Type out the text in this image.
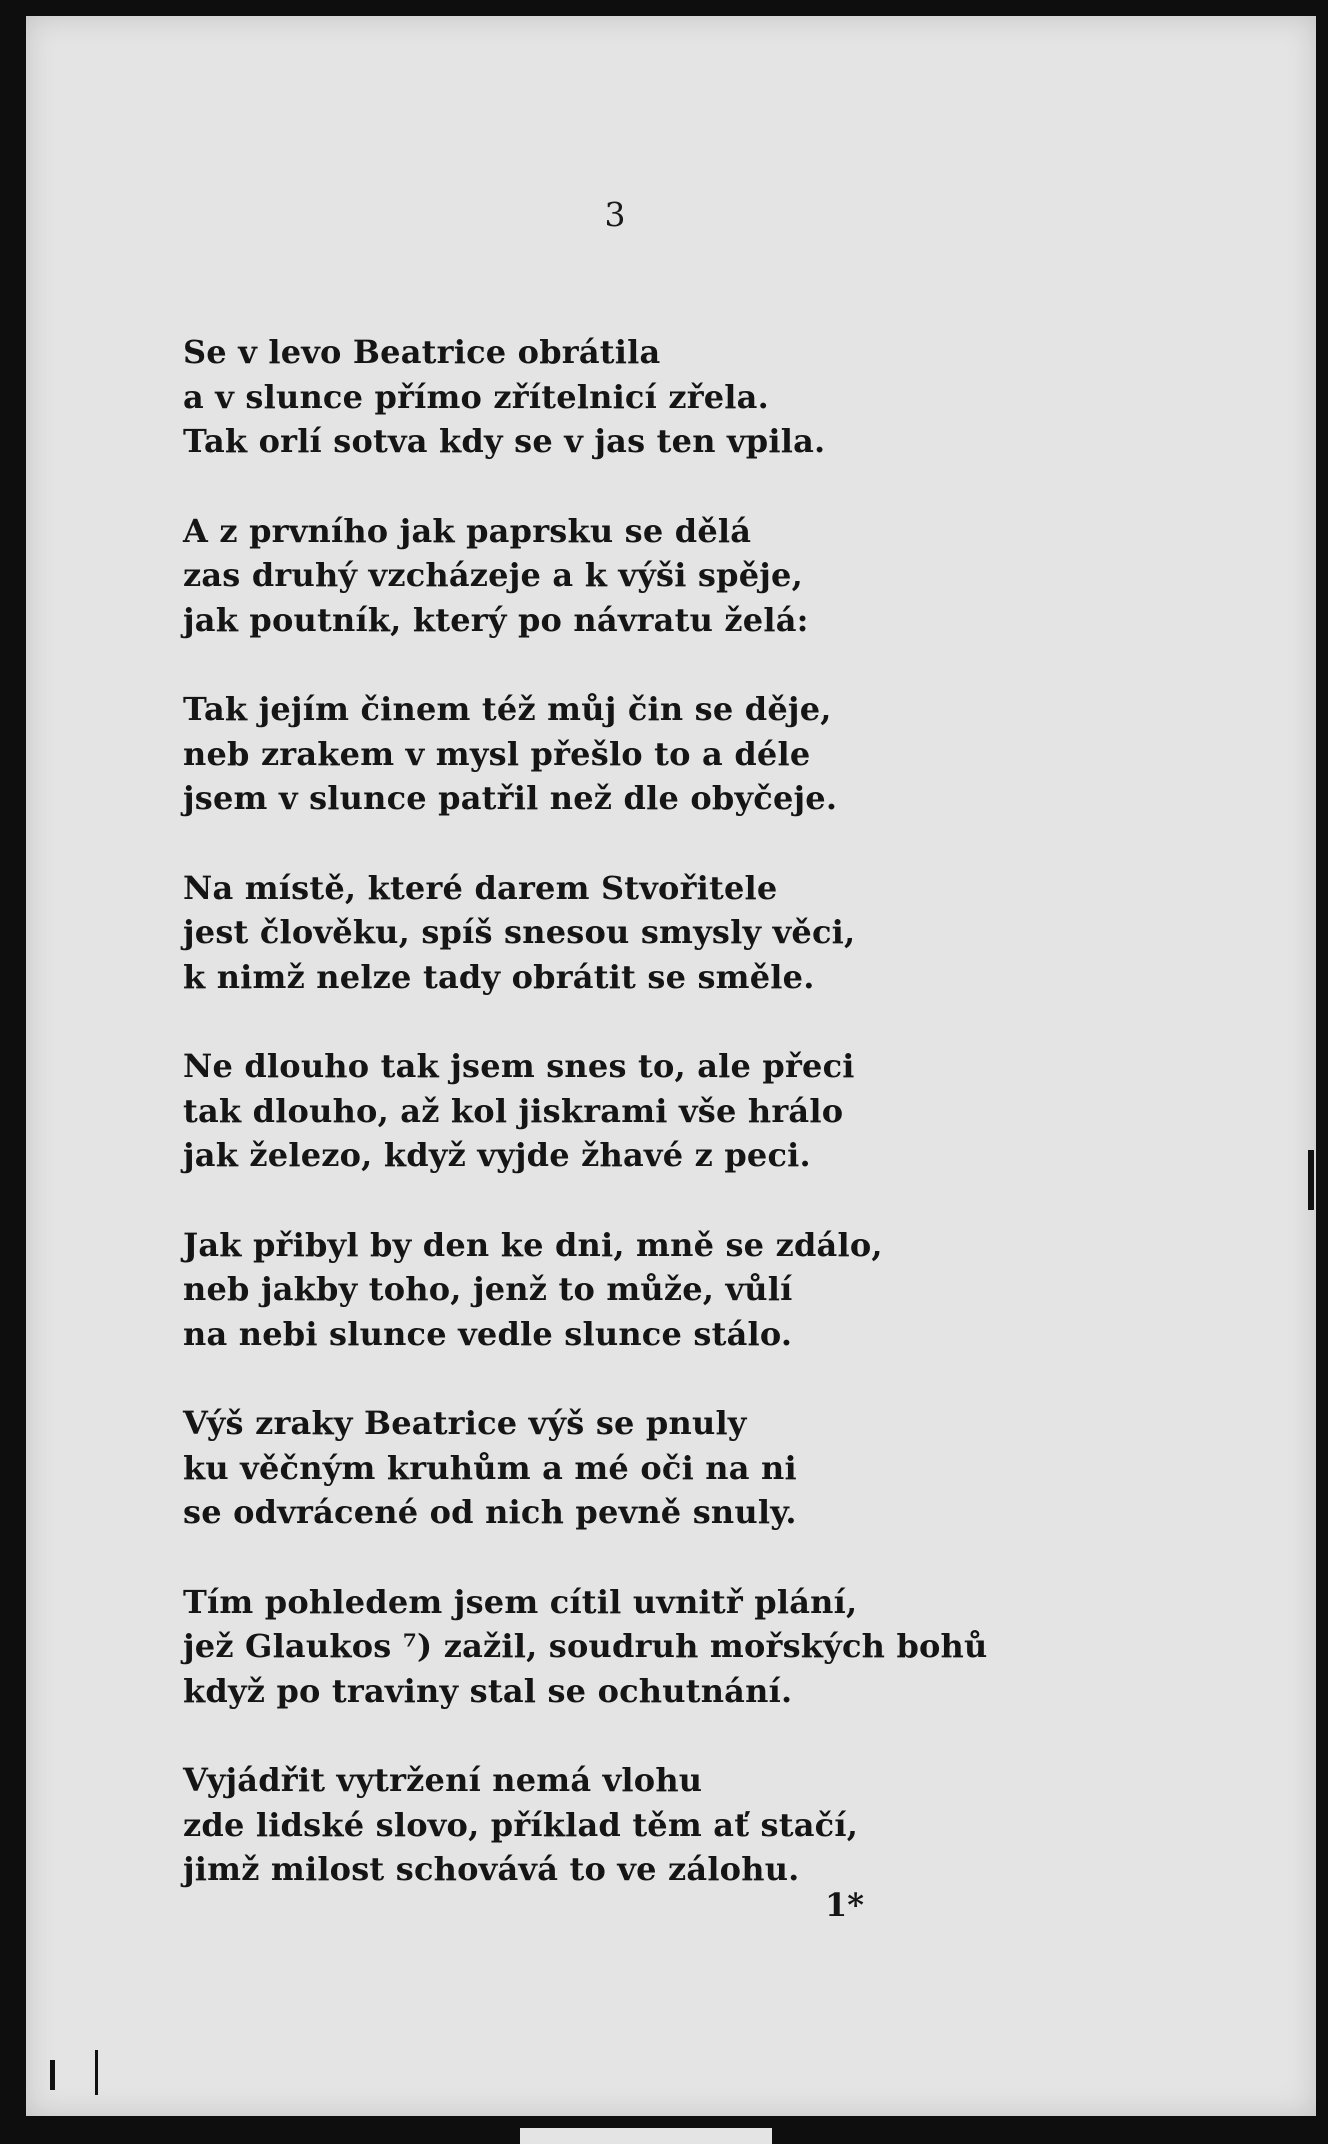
3
Se v levo Beatrice obrátila
a v slunce přímo zřítelnicí zřela.
Tak orlí sotva kdy se v jas ten vpila.
A z prvního jak paprsku se dělá
zas druhý vzcházeje a k výši spěje,
jak poutník, který po návratu želá:
Tak jejím činem též můj čin se děje,
neb zrakem v mysl přešlo to a déle
jsem v slunce patřil než dle obyčeje.
Na místě, které darem Stvořitele
jest člověku, spíš snesou smysly věci,
k nimž nelze tady obrátit se směle.
Ne dlouho tak jsem snes to, ale přeci
tak dlouho, až kol jiskrami vše hrálo
jak železo, když vyjde žhavé z peci.
Jak přibyl by den ke dni, mně se zdálo,
neb jakby toho, jenž to může, vůlí
na nebi slunce vedle slunce stálo.
Výš zraky Beatrice výš se pnuly
ku věčným kruhům a mé oči na ni
se odvrácené od nich pevně snuly.
Tím pohledem jsem cítil uvnitř plání,
jež Glaukos ⁷) zažil, soudruh mořských bohů
když po traviny stal se ochutnání.
Vyjádřit vytržení nemá vlohu
zde lidské slovo, příklad těm ať stačí,
jimž milost schovává to ve zálohu.
1*
